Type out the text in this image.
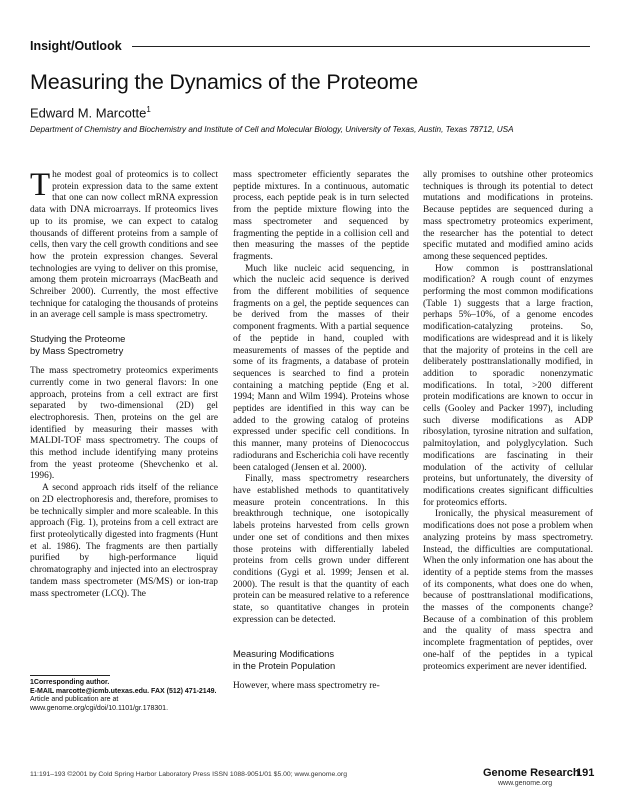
Insight/Outlook
Measuring the Dynamics of the Proteome
Edward M. Marcotte$^1$
Department of Chemistry and Biochemistry and Institute of Cell and Molecular Biology, University of Texas, Austin, Texas 78712, USA

The modest goal of proteomics is to collect protein expression data to the same extent that one can now collect mRNA expression data with DNA microarrays. If proteomics lives up to its promise, we can expect to catalog thousands of different proteins from a sample of cells, then vary the cell growth conditions and see how the protein expression changes. Several technologies are vying to deliver on this promise, among them protein microarrays (MacBeath and Schreiber 2000). Currently, the most effective technique for cataloging the thousands of proteins in an average cell sample is mass spectrometry.

Studying the Proteome
by Mass Spectrometry

The mass spectrometry proteomics experiments currently come in two general flavors: In one approach, proteins from a cell extract are first separated by two-dimensional (2D) gel electrophoresis. Then, proteins on the gel are identified by measuring their masses with MALDI-TOF mass spectrometry. The coups of this method include identifying many proteins from the yeast proteome (Shevchenko et al. 1996).

A second approach rids itself of the reliance on 2D electrophoresis and, therefore, promises to be technically simpler and more scaleable. In this approach (Fig. 1), proteins from a cell extract are first proteolytically digested into fragments (Hunt et al. 1986). The fragments are then partially purified by high-performance liquid chromatography and injected into an electrospray tandem mass spectrometer (MS/MS) or ion-trap mass spectrometer (LCQ). The

mass spectrometer efficiently separates the peptide mixtures. In a continuous, automatic process, each peptide peak is in turn selected from the peptide mixture flowing into the mass spectrometer and sequenced by fragmenting the peptide in a collision cell and then measuring the masses of the peptide fragments.

Much like nucleic acid sequencing, in which the nucleic acid sequence is derived from the different mobilities of sequence fragments on a gel, the peptide sequences can be derived from the masses of their component fragments. With a partial sequence of the peptide in hand, coupled with measurements of masses of the peptide and some of its fragments, a database of protein sequences is searched to find a protein containing a matching peptide (Eng et al. 1994; Mann and Wilm 1994). Proteins whose peptides are identified in this way can be added to the growing catalog of proteins expressed under specific cell conditions. In this manner, many proteins of Dienococcus radiodurans and Escherichia coli have recently been cataloged (Jensen et al. 2000).

Finally, mass spectrometry researchers have established methods to quantitatively measure protein concentrations. In this breakthrough technique, one isotopically labels proteins harvested from cells grown under one set of conditions and then mixes those proteins with differentially labeled proteins from cells grown under different conditions (Gygi et al. 1999; Jensen et al. 2000). The result is that the quantity of each protein can be measured relative to a reference state, so quantitative changes in protein expression can be detected.

Measuring Modifications
in the Protein Population

However, where mass spectrometry re-

ally promises to outshine other proteomics techniques is through its potential to detect mutations and modifications in proteins. Because peptides are sequenced during a mass spectrometry proteomics experiment, the researcher has the potential to detect specific mutated and modified amino acids among these sequenced peptides.

How common is posttranslational modification? A rough count of enzymes performing the most common modifications (Table 1) suggests that a large fraction, perhaps 5%–10%, of a genome encodes modification-catalyzing proteins. So, modifications are widespread and it is likely that the majority of proteins in the cell are deliberately posttranslationally modified, in addition to sporadic nonenzymatic modifications. In total, >200 different protein modifications are known to occur in cells (Gooley and Packer 1997), including such diverse modifications as ADP ribosylation, tyrosine nitration and sulfation, palmitoylation, and polyglycylation. Such modifications are fascinating in their modulation of the activity of cellular proteins, but unfortunately, the diversity of modifications creates significant difficulties for proteomics efforts.

Ironically, the physical measurement of modifications does not pose a problem when analyzing proteins by mass spectrometry. Instead, the difficulties are computational. When the only information one has about the identity of a peptide stems from the masses of its components, what does one do when, because of posttranslational modifications, the masses of the components change? Because of a combination of this problem and the quality of mass spectra and incomplete fragmentation of peptides, over one-half of the peptides in a typical proteomics experiment are never identified.

1Corresponding author.
E-MAIL marcotte@icmb.utexas.edu. FAX (512) 471-2149.
Article and publication are at www.genome.org/cgi/doi/10.1101/gr.178301.
11:191–193 ©2001 by Cold Spring Harbor Laboratory Press ISSN 1088-9051/01 $5.00; www.genome.org	Genome Research
191
www.genome.org
